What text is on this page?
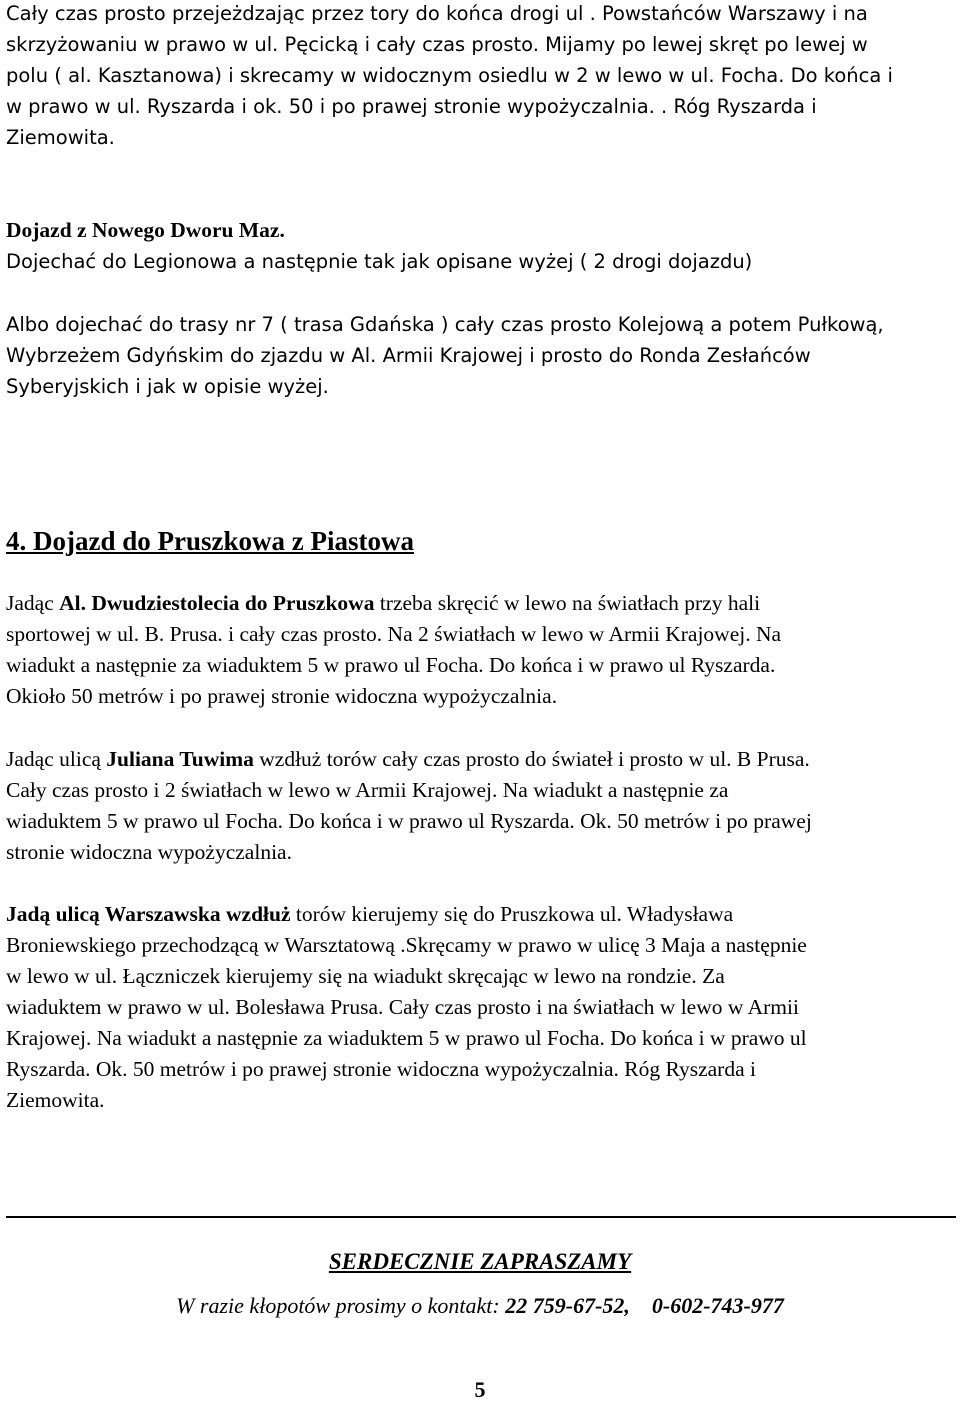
Cały czas prosto przejeżdzając przez tory do końca drogi ul . Powstańców Warszawy i na
skrzyżowaniu w prawo w ul. Pęcicką i cały czas prosto. Mijamy po lewej skręt po lewej w
polu ( al. Kasztanowa) i skrecamy w widocznym osiedlu w 2 w lewo w ul. Focha. Do końca i
w prawo w ul. Ryszarda i ok. 50 i po prawej stronie wypożyczalnia. . Róg Ryszarda i
Ziemowita.
Dojazd z Nowego Dworu Maz.
Dojechać do Legionowa a następnie tak jak opisane wyżej ( 2 drogi dojazdu)
Albo dojechać do trasy nr 7 ( trasa Gdańska ) cały czas prosto Kolejową a potem Pułkową,
Wybrzeżem Gdyńskim do zjazdu w Al. Armii Krajowej i prosto do Ronda Zesłańców
Syberyjskich i jak w opisie wyżej.
4. Dojazd do Pruszkowa z Piastowa
Jadąc Al. Dwudziestolecia do Pruszkowa trzeba skręcić w lewo na światłach przy hali
sportowej w ul. B. Prusa. i cały czas prosto. Na 2 światłach w lewo w Armii Krajowej. Na
wiadukt a następnie za wiaduktem 5 w prawo ul Focha. Do końca i w prawo ul Ryszarda.
Okioło 50 metrów i po prawej stronie widoczna wypożyczalnia.
Jadąc ulicą Juliana Tuwima wzdłuż torów cały czas prosto do świateł i prosto w ul. B Prusa.
Cały czas prosto i 2 światłach w lewo w Armii Krajowej. Na wiadukt a następnie za
wiaduktem 5 w prawo ul Focha. Do końca i w prawo ul Ryszarda. Ok. 50 metrów i po prawej
stronie widoczna wypożyczalnia.
Jadą ulicą Warszawska wzdłuż torów kierujemy się do Pruszkowa ul. Władysława
Broniewskiego przechodzącą w Warsztatową .Skręcamy w prawo w ulicę 3 Maja a następnie
w lewo w ul. Łączniczek kierujemy się na wiadukt skręcając w lewo na rondzie. Za
wiaduktem w prawo w ul. Bolesława Prusa. Cały czas prosto i na światłach w lewo w Armii
Krajowej. Na wiadukt a następnie za wiaduktem 5 w prawo ul Focha. Do końca i w prawo ul
Ryszarda. Ok. 50 metrów i po prawej stronie widoczna wypożyczalnia. Róg Ryszarda i
Ziemowita.
SERDECZNIE ZAPRASZAMY
W razie kłopotów prosimy o kontakt: 22 759-67-52, 0-602-743-977
5
